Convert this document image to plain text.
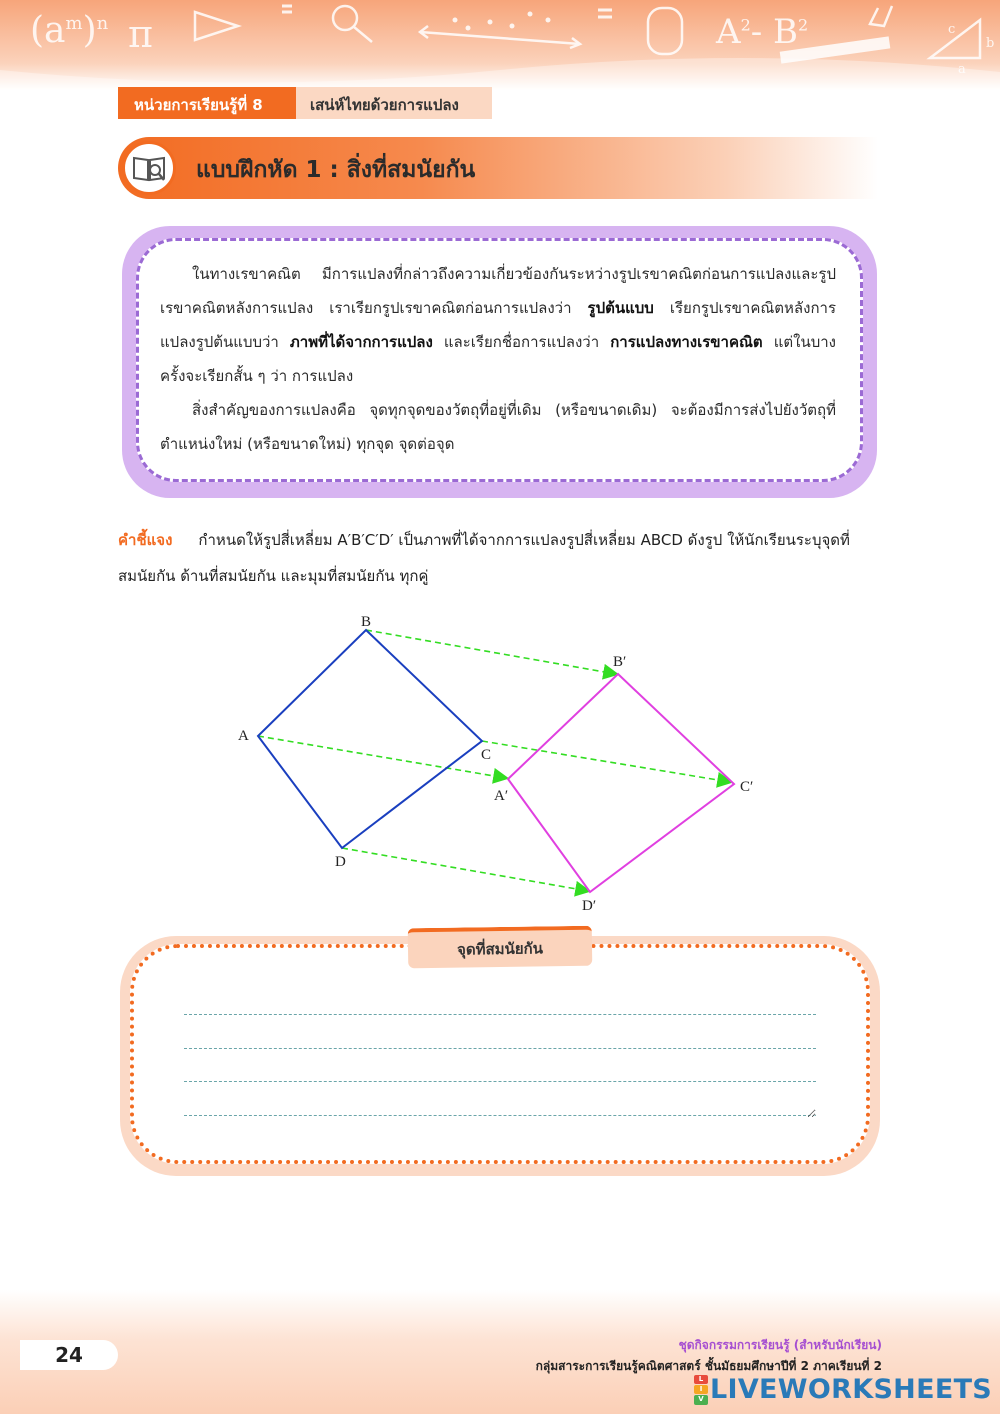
$(a^m)^n$ π	$A^2-$ $B^2$	c
b
a
หน่วยการเรียนรู้ที่ 8	เสน่ห์ไทยด้วยการแปลง
แบบฝึกหัด 1 : สิ่งที่สมนัยกัน

ในทางเรขาคณิต มีการแปลงที่กล่าวถึงความเกี่ยวข้องกันระหว่างรูปเรขาคณิตก่อนการแปลงและรูปเรขาคณิตหลังการแปลง เราเรียกรูปเรขาคณิตก่อนการแปลงว่า รูปต้นแบบ เรียกรูปเรขาคณิตหลังการแปลงรูปต้นแบบว่า ภาพที่ได้จากการแปลง และเรียกชื่อการแปลงว่า การแปลงทางเรขาคณิต แต่ในบางครั้งจะเรียกสั้น ๆ ว่า การแปลง

สิ่งสำคัญของการแปลงคือ จุดทุกจุดของวัตถุที่อยู่ที่เดิม (หรือขนาดเดิม) จะต้องมีการส่งไปยังวัตถุที่ตำแหน่งใหม่ (หรือขนาดใหม่) ทุกจุด จุดต่อจุด

คำชี้แจง กำหนดให้รูปสี่เหลี่ยม A′B′C′D′ เป็นภาพที่ได้จากการแปลงรูปสี่เหลี่ยม ABCD ดังรูป ให้นักเรียนระบุจุดที่สมนัยกัน ด้านที่สมนัยกัน และมุมที่สมนัยกัน ทุกคู่
B
A
C
D
B′
A′
C′
D′
จุดที่สมนัยกัน
24	ชุดกิจกรรมการเรียนรู้ (สำหรับนักเรียน)
กลุ่มสาระการเรียนรู้คณิตศาสตร์ ชั้นมัธยมศึกษาปีที่ 2 ภาคเรียนที่ 2
L
I
V LIVEWORKSHEETS
